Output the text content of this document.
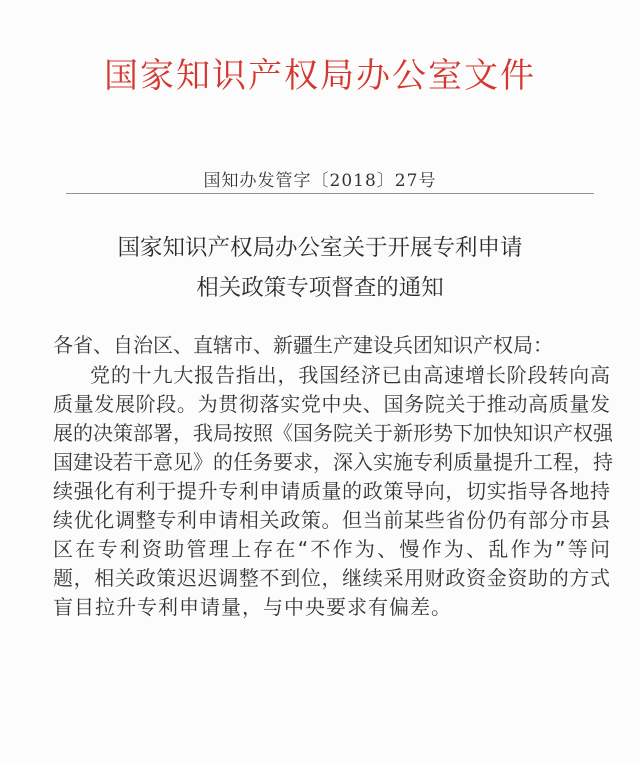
国家知识产权局办公室文件
国知办发管字〔2018〕27号
国家知识产权局办公室关于开展专利申请
相关政策专项督查的通知
各省、自治区、直辖市、新疆生产建设兵团知识产权局：
党的十九大报告指出，我国经济已由高速增长阶段转向高
质量发展阶段。为贯彻落实党中央、国务院关于推动高质量发
展的决策部署，我局按照《国务院关于新形势下加快知识产权强
国建设若干意见》的任务要求，深入实施专利质量提升工程，持
续强化有利于提升专利申请质量的政策导向，切实指导各地持
续优化调整专利申请相关政策。但当前某些省份仍有部分市县
区在专利资助管理上存在“不作为、慢作为、乱作为”等问
题，相关政策迟迟调整不到位，继续采用财政资金资助的方式
盲目拉升专利申请量，与中央要求有偏差。
